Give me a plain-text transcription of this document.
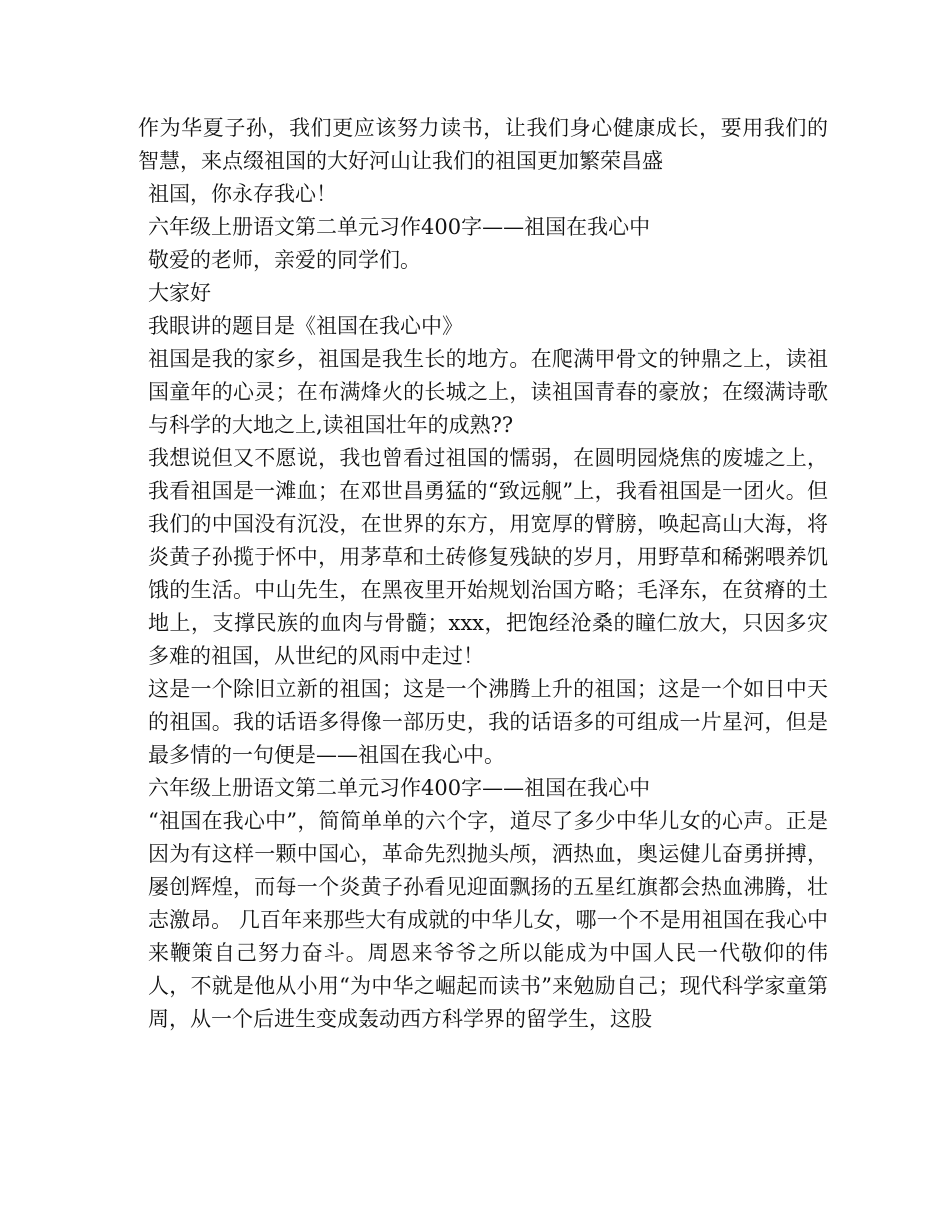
作为华夏子孙，我们更应该努力读书，让我们身心健康成长，要用我们的智慧，来点缀祖国的大好河山让我们的祖国更加繁荣昌盛

祖国，你永存我心！

六年级上册语文第二单元习作400字——祖国在我心中

敬爱的老师，亲爱的同学们。

大家好

我眼讲的题目是《祖国在我心中》

祖国是我的家乡，祖国是我生长的地方。在爬满甲骨文的钟鼎之上，读祖国童年的心灵；在布满烽火的长城之上，读祖国青春的豪放；在缀满诗歌与科学的大地之上,读祖国壮年的成熟??

我想说但又不愿说，我也曾看过祖国的懦弱，在圆明园烧焦的废墟之上，我看祖国是一滩血；在邓世昌勇猛的“致远舰”上，我看祖国是一团火。但我们的中国没有沉没，在世界的东方，用宽厚的臂膀，唤起高山大海，将炎黄子孙揽于怀中，用茅草和土砖修复残缺的岁月，用野草和稀粥喂养饥饿的生活。中山先生，在黑夜里开始规划治国方略；毛泽东，在贫瘠的土地上，支撑民族的血肉与骨髓；xxx，把饱经沧桑的瞳仁放大，只因多灾多难的祖国，从世纪的风雨中走过！

这是一个除旧立新的祖国；这是一个沸腾上升的祖国；这是一个如日中天的祖国。我的话语多得像一部历史，我的话语多的可组成一片星河，但是最多情的一句便是——祖国在我心中。

六年级上册语文第二单元习作400字——祖国在我心中

“祖国在我心中”，简简单单的六个字，道尽了多少中华儿女的心声。正是因为有这样一颗中国心，革命先烈抛头颅，洒热血，奥运健儿奋勇拼搏，屡创辉煌，而每一个炎黄子孙看见迎面飘扬的五星红旗都会热血沸腾，壮志激昂。 几百年来那些大有成就的中华儿女，哪一个不是用祖国在我心中来鞭策自己努力奋斗。周恩来爷爷之所以能成为中国人民一代敬仰的伟人，不就是他从小用“为中华之崛起而读书”来勉励自己；现代科学家童第周，从一个后进生变成轰动西方科学界的留学生，这股
